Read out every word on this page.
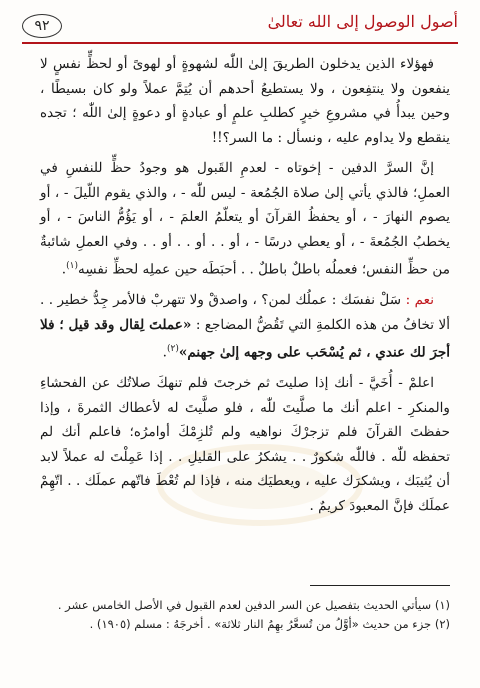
أصول الوصول إلى الله تعالىٰ
٩٢

فهؤلاء الذين يدخلون الطريقَ إلىٰ اللّٰه لشهوةٍ أو لهوىً أو لحظٍّ نفسٍ لا ينفعون ولا ينتفِعون ، ولا يستطيعُ أحدهم أن يُتِمَّ عملاً ولو كان بسيطًا ، وحين يبدأُ في مشروعِ خيرٍ كطلبِ علمٍ أو عبادةٍ أو دعوةٍ إلىٰ اللّٰه ؛ تجده ينقطع ولا يداوم عليه ، ونسأل : ما السر؟!!

إنَّ السرَّ الدفين - إخوتاه - لعدمِ القَبول هو وجودُ حظٍّ للنفسِ في العملِ؛ فالذي يأتي إلىٰ صلاة الجُمُعة - ليس للّٰه - ، والذي يقوم اللّيلَ - ، أو يصوم النهارَ - ، أو يحفظُ القرآنَ أو يتعلّمُ العلمَ - ، أو يَؤُمُّ الناسَ - ، أو يخطبُ الجُمُعةَ - ، أو يعطي درسًا - ، أو . . أو . . أو . . وفي العملِ شائبةٌ من حظِّ النفس؛ فعملُه باطلٌ باطلٌ . . أحبَطَه حين عملِه لحظِّ نفسِه$^{(١)}$.

نعم : سَلْ نفسَك : عملُك لمن؟ ، واصدقْ ولا تتهربْ فالأمر جِدُّ خطير . . ألا تخافُ من هذه الكلمةِ التي تَقُضُّ المضاجع : «عملتَ لِقال وقد قيل ؛ فلا أجرَ لك عندي ، ثم يُسْحَب على وجهه إلىٰ جهنم»$^{(٢)}$.

اعلمْ - أُخَيَّ - أنك إذا صليتَ ثم خرجتَ فلم تنهكَ صلاتُك عن الفحشاءِ والمنكرِ - اعلم أنك ما صلَّيتَ للّٰه ، فلو صلَّيتَ له لأعطاك الثمرةَ ، وإذا حفظتَ القرآنَ فلم تزجرْكَ نواهيه ولم تُلزِمْكَ أوامرُه؛ فاعلم أنك لم تحفظه للّٰه . فاللّٰه شكورٌ . . يشكرُ على القليلِ . . إذا عَمِلْتَ له عملاً لابد أن يُثيبَك ، ويشكرَك عليه ، ويعطيَك منه ، فإذا لم تُعْطَ فاتّهم عملَك . . اتّهِمْ عملَك فإنَّ المعبودَ كريمٌ .

(١) سيأتي الحديث بتفصيل عن السر الدفين لعدم القبول في الأصل الخامس عشر .
(٢) جزء من حديث «أوَّلُ من تُسعَّرُ بهِمُ النار ثلاثة» . أخرجَهُ : مسلم (١٩٠٥) .
